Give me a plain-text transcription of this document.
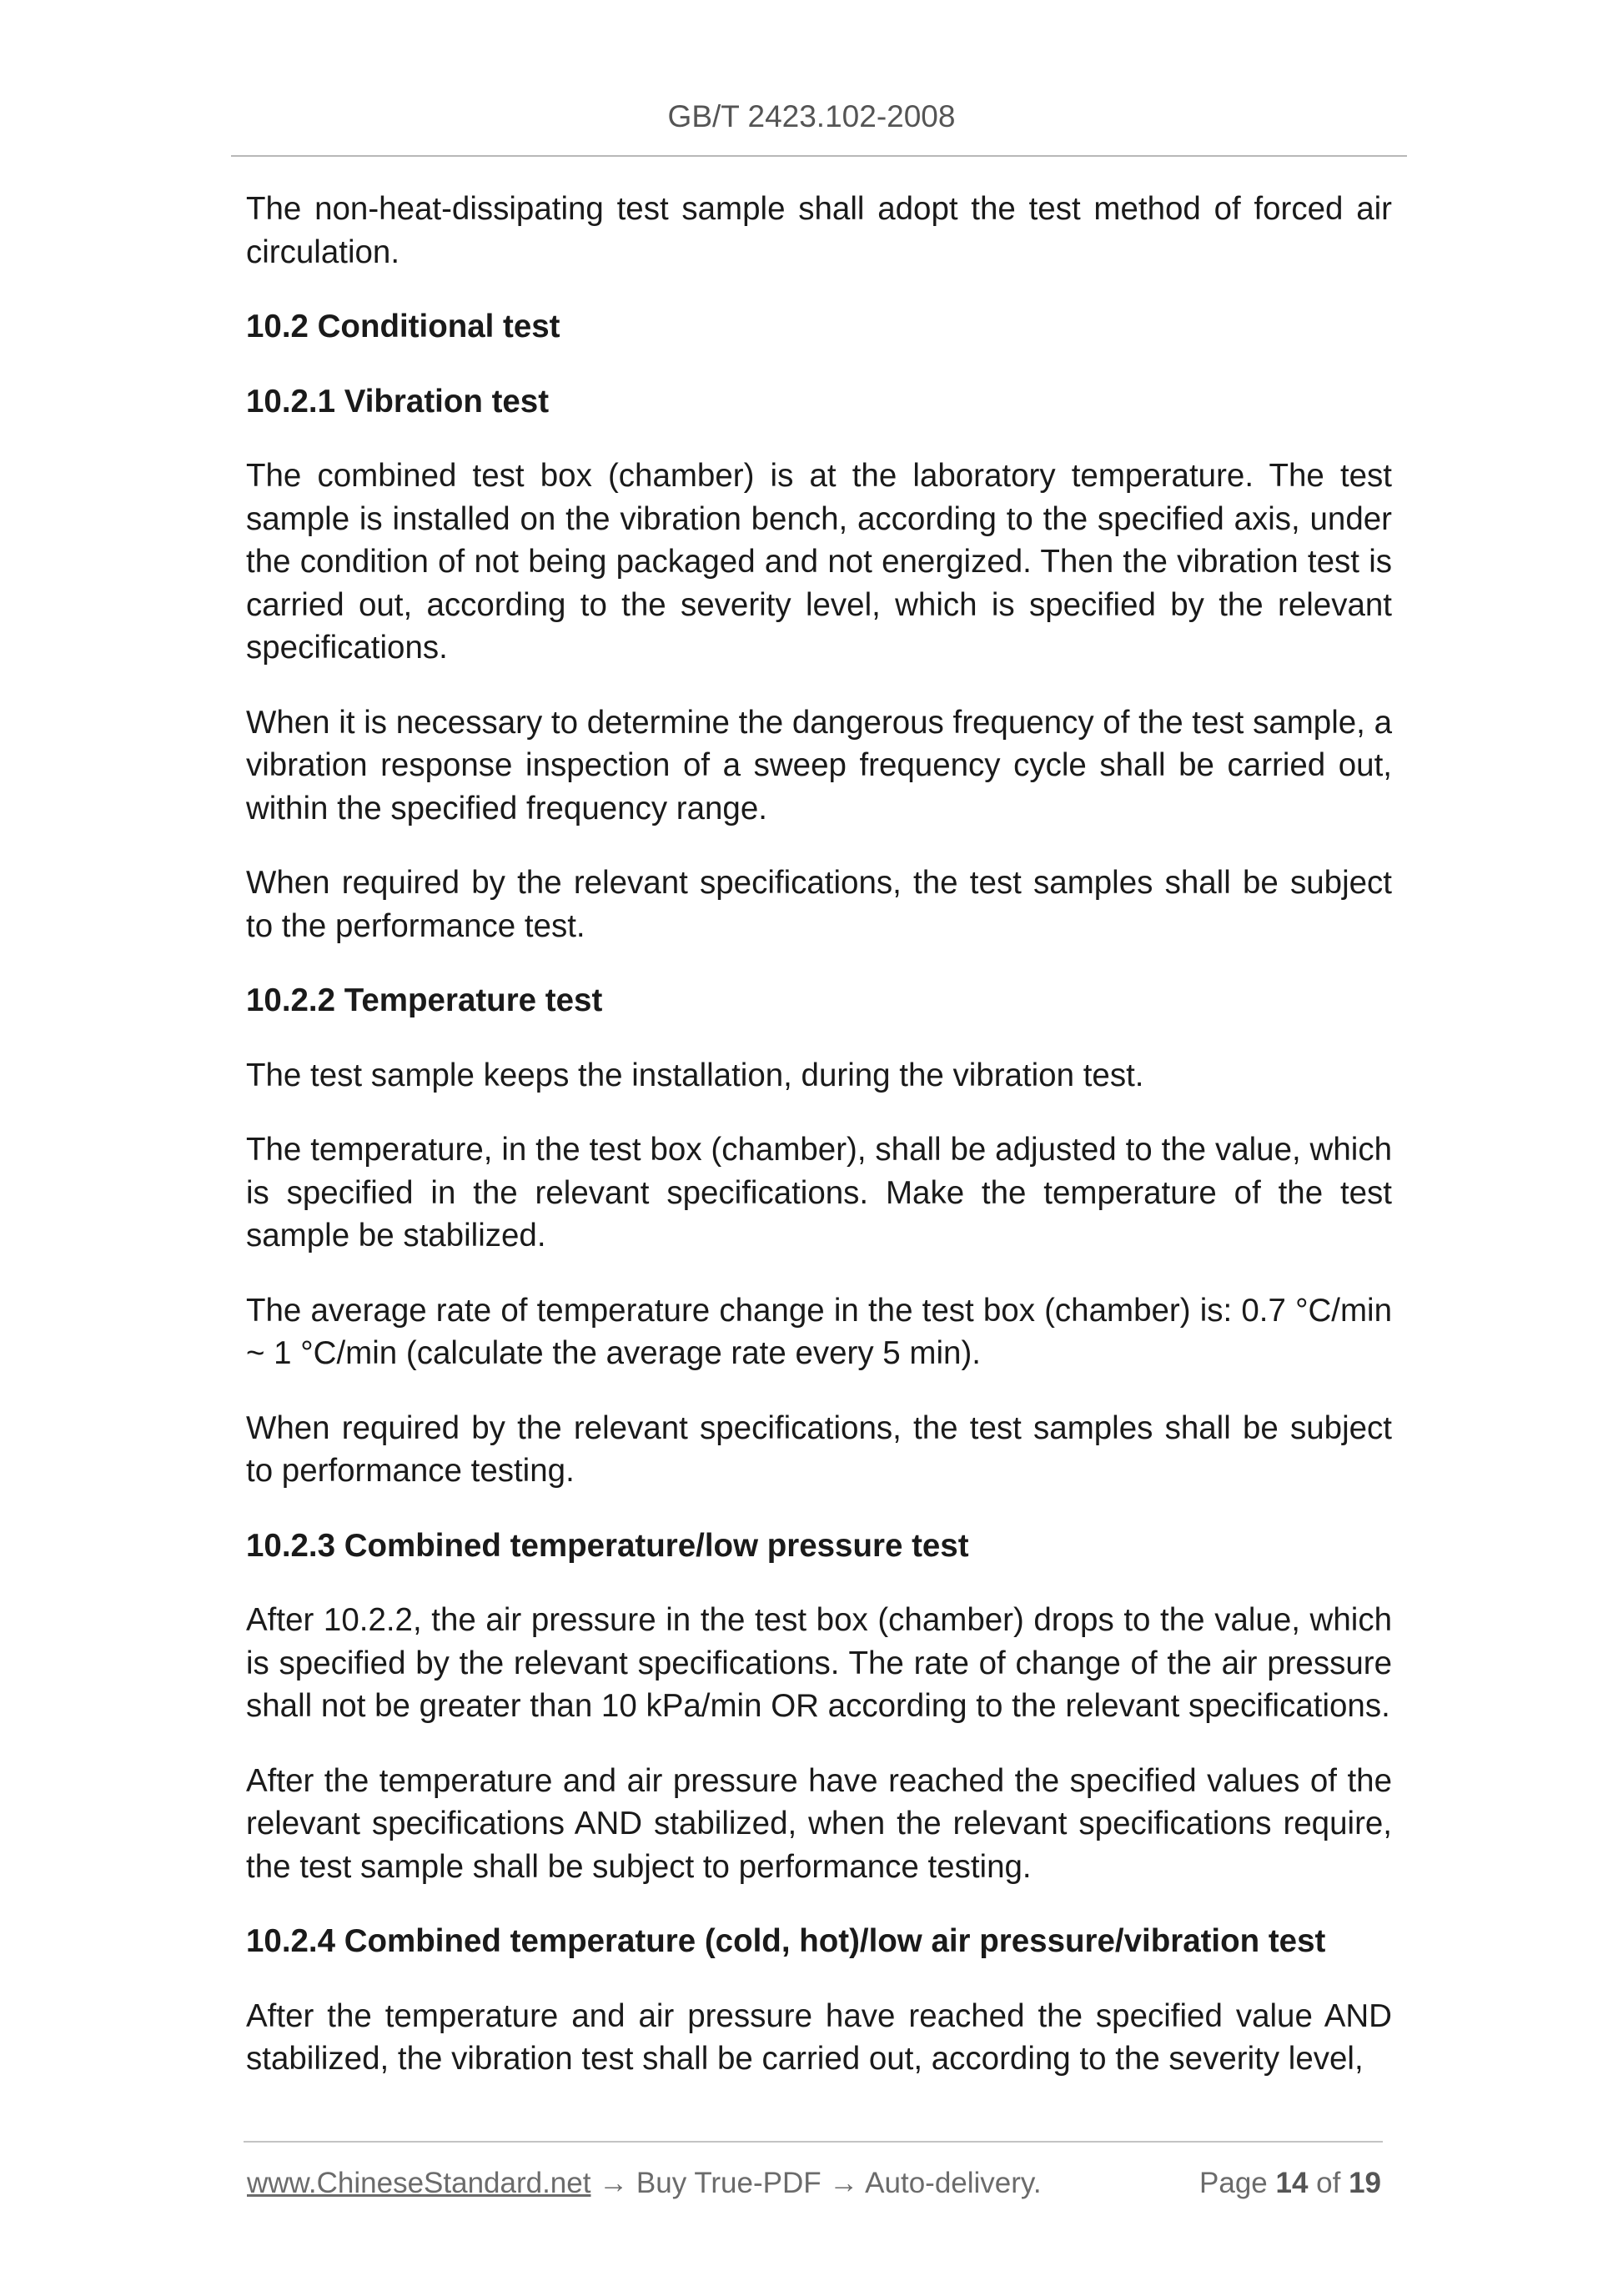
GB/T 2423.102-2008

The non-heat-dissipating test sample shall adopt the test method of forced air circulation.

10.2 Conditional test
10.2.1 Vibration test

The combined test box (chamber) is at the laboratory temperature. The test sample is installed on the vibration bench, according to the specified axis, under the condition of not being packaged and not energized. Then the vibration test is carried out, according to the severity level, which is specified by the relevant specifications.

When it is necessary to determine the dangerous frequency of the test sample, a vibration response inspection of a sweep frequency cycle shall be carried out, within the specified frequency range.

When required by the relevant specifications, the test samples shall be subject to the performance test.

10.2.2 Temperature test

The test sample keeps the installation, during the vibration test.

The temperature, in the test box (chamber), shall be adjusted to the value, which is specified in the relevant specifications. Make the temperature of the test sample be stabilized.

The average rate of temperature change in the test box (chamber) is: 0.7 °C/min ~ 1 °C/min (calculate the average rate every 5 min).

When required by the relevant specifications, the test samples shall be subject to performance testing.

10.2.3 Combined temperature/low pressure test

After 10.2.2, the air pressure in the test box (chamber) drops to the value, which is specified by the relevant specifications. The rate of change of the air pressure shall not be greater than 10 kPa/min OR according to the relevant specifications.

After the temperature and air pressure have reached the specified values of the relevant specifications AND stabilized, when the relevant specifications require, the test sample shall be subject to performance testing.

10.2.4 Combined temperature (cold, hot)/low air pressure/vibration test

After the temperature and air pressure have reached the specified value AND stabilized, the vibration test shall be carried out, according to the severity level,

www.ChineseStandard.net → Buy True-PDF → Auto-delivery.	Page 14 of 19
